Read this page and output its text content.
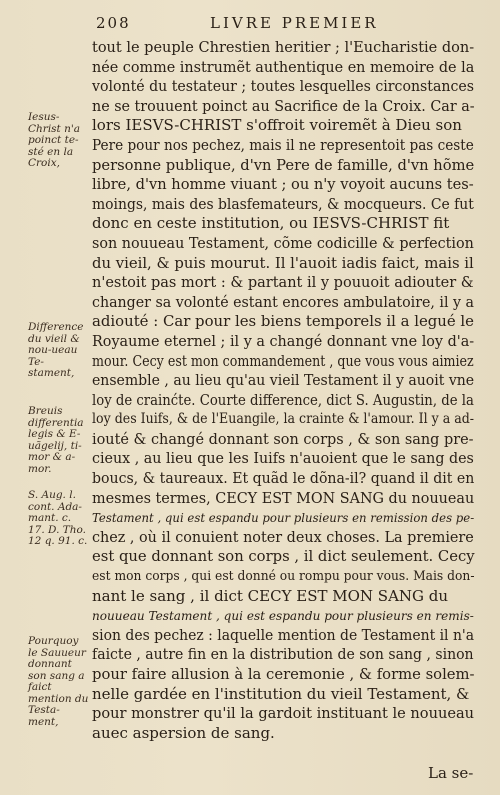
208	LIVRE PREMIER
tout le peuple Chrestien heritier ; l'Eucharistie don-
née comme instrumẽt authentique en memoire de la
volonté du testateur ; toutes lesquelles circonstances
ne se trouuent poinct au Sacrifice de la Croix. Car a-
lors IESVS-CHRIST s'offroit voiremẽt à Dieu son
Pere pour nos pechez, mais il ne representoit pas ceste
personne publique, d'vn Pere de famille, d'vn hõme
libre, d'vn homme viuant ; ou n'y voyoit aucuns tes-
moings, mais des blasfemateurs, & mocqueurs. Ce fut
donc en ceste institution, ou IESVS-CHRIST fit
son nouueau Testament, cõme codicille & perfection
du vieil, & puis mourut. Il l'auoit iadis faict, mais il
n'estoit pas mort : & partant il y pouuoit adiouter &
changer sa volonté estant encores ambulatoire, il y a
adiouté : Car pour les biens temporels il a legué le
Royaume eternel ; il y a changé donnant vne loy d'a-
mour. Cecy est mon commandement , que vous vous aimiez
ensemble , au lieu qu'au vieil Testament il y auoit vne
loy de crainćte. Courte difference, dict S. Augustin, de la
loy des Iuifs, & de l'Euangile, la crainte & l'amour. Il y a ad-
iouté & changé donnant son corps , & son sang pre-
cieux , au lieu que les Iuifs n'auoient que le sang des
boucs, & taureaux. Et quãd le dõna-il? quand il dit en
mesmes termes, CECY EST MON SANG du nouueau
Testament , qui est espandu pour plusieurs en remission des pe-
chez , où il conuient noter deux choses. La premiere
est que donnant son corps , il dict seulement. Cecy
est mon corps , qui est donné ou rompu pour vous. Mais don-
nant le sang , il dict CECY EST MON SANG du
nouueau Testament , qui est espandu pour plusieurs en remis-
sion des pechez : laquelle mention de Testament il n'a
faicte , autre fin en la distribution de son sang , sinon
pour faire allusion à la ceremonie , & forme solem-
nelle gardée en l'institution du vieil Testament, &
pour monstrer qu'il la gardoit instituant le nouueau
auec aspersion de sang.
Iesus-Christ n'a poinct te-sté en la Croix,
Difference du vieil & nou-ueau Te-stament,
Breuis differentia legis & E-uãgelij, ti-mor & a-mor.
S. Aug. l. cont. Ada-mant. c. 17. D. Tho. 12 q. 91. c.
Pourquoy le Sauueur donnant son sang a faict mention du Testa-ment,
La se-
